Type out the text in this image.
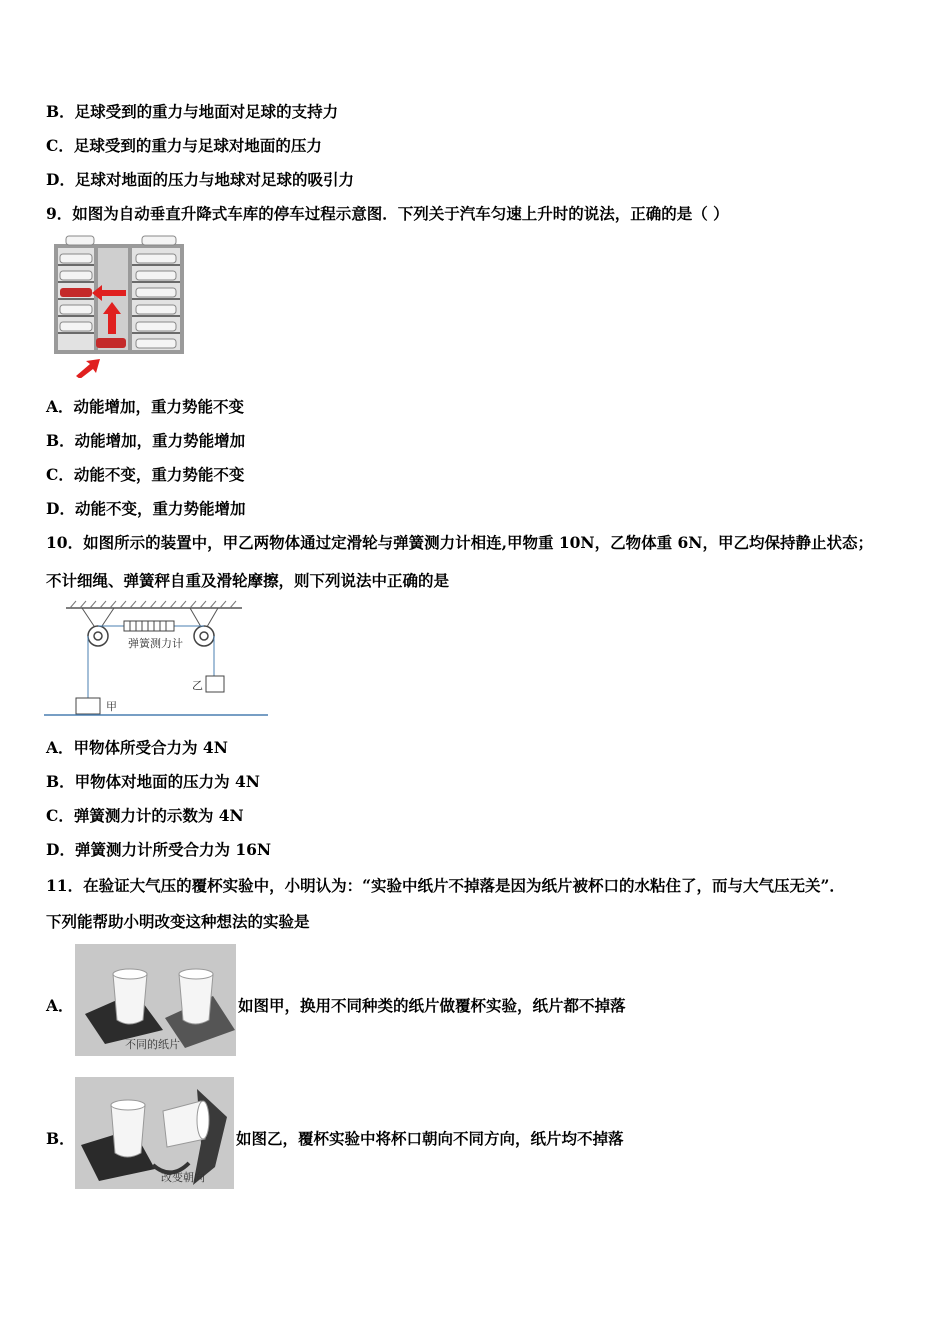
B．足球受到的重力与地面对足球的支持力
C．足球受到的重力与足球对地面的压力
D．足球对地面的压力与地球对足球的吸引力
9．如图为自动垂直升降式车库的停车过程示意图．下列关于汽车匀速上升时的说法，正确的是（ ）
A．动能增加，重力势能不变
B．动能增加，重力势能增加
C．动能不变，重力势能不变
D．动能不变，重力势能增加
10．如图所示的装置中，甲乙两物体通过定滑轮与弹簧测力计相连,甲物重 10N，乙物体重 6N，甲乙均保持静止状态；
不计细绳、弹簧秤自重及滑轮摩擦，则下列说法中正确的是
弹簧测力计
甲
乙
A．甲物体所受合力为 4N
B．甲物体对地面的压力为 4N
C．弹簧测力计的示数为 4N
D．弹簧测力计所受合力为 16N
11．在验证大气压的覆杯实验中，小明认为：“实验中纸片不掉落是因为纸片被杯口的水粘住了，而与大气压无关”．
下列能帮助小明改变这种想法的实验是
A．
不同的纸片
如图甲，换用不同种类的纸片做覆杯实验，纸片都不掉落
B．
改变朝向
如图乙，覆杯实验中将杯口朝向不同方向，纸片均不掉落
